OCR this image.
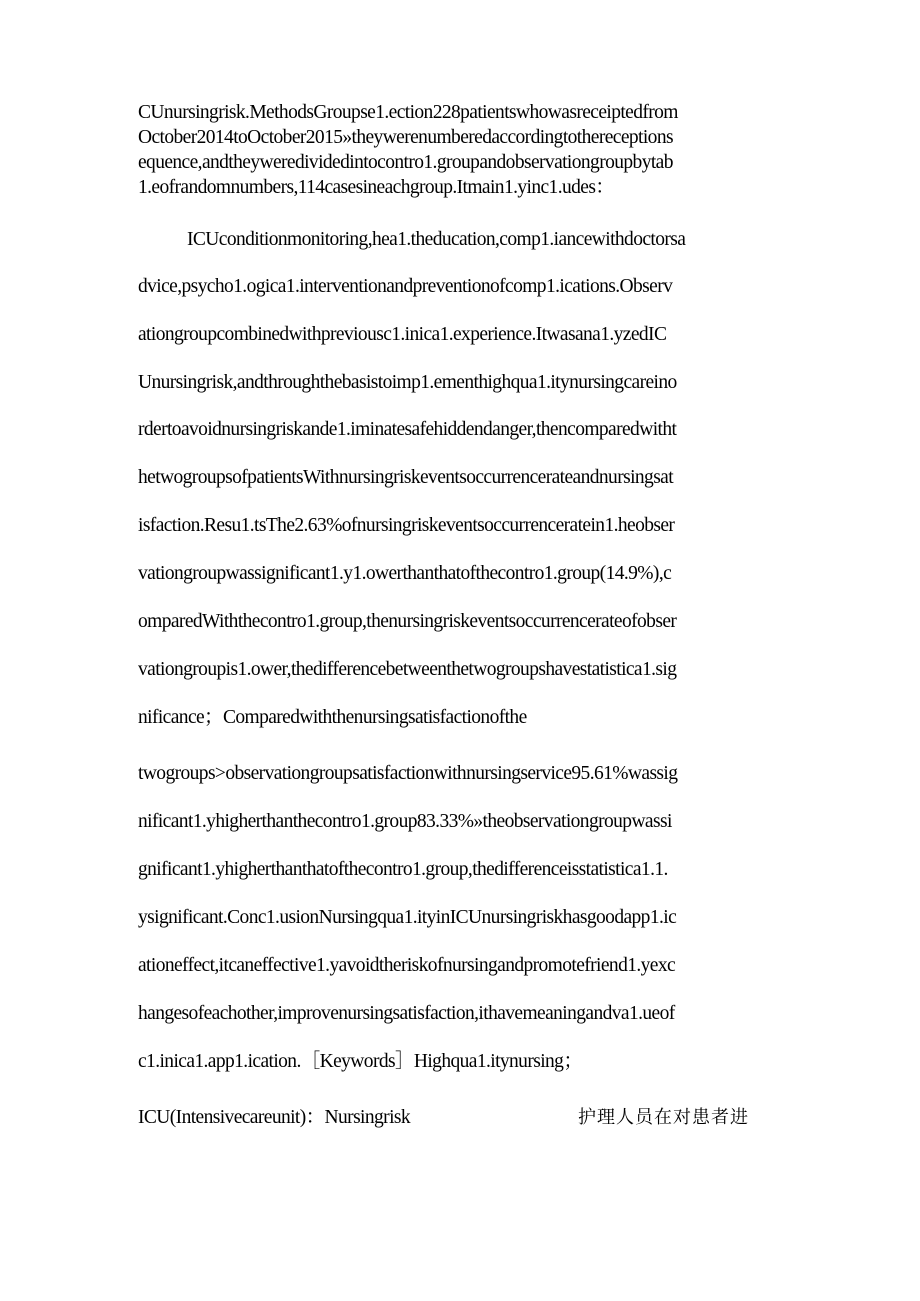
CUnursingrisk.MethodsGroupse1.ection228patientswhowasreceiptedfrom
October2014toOctober2015»theywerenumberedaccordingtothereceptions
equence,andtheyweredividedintocontro1.groupandobservationgroupbytab
1.eofrandomnumbers,114casesineachgroup.Itmain1.yinc1.udes：
ICUconditionmonitoring,hea1.theducation,comp1.iancewithdoctorsa
dvice,psycho1.ogica1.interventionandpreventionofcomp1.ications.Observ
ationgroupcombinedwithpreviousc1.inica1.experience.Itwasana1.yzedIC
Unursingrisk,andthroughthebasistoimp1.ementhighqua1.itynursingcareino
rdertoavoidnursingriskande1.iminatesafehiddendanger,thencomparedwitht
hetwogroupsofpatientsWithnursingriskeventsoccurrencerateandnursingsat
isfaction.Resu1.tsThe2.63%ofnursingriskeventsoccurrenceratein1.heobser
vationgroupwassignificant1.y1.owerthanthatofthecontro1.group(14.9%),c
omparedWiththecontro1.group,thenursingriskeventsoccurrencerateofobser
vationgroupis1.ower,thedifferencebetweenthetwogroupshavestatistica1.sig
nificance；Comparedwiththenursingsatisfactionofthe
twogroups>observationgroupsatisfactionwithnursingservice95.61%wassig
nificant1.yhigherthanthecontro1.group83.33%»theobservationgroupwassi
gnificant1.yhigherthanthatofthecontro1.group,thedifferenceisstatistica1.1.
ysignificant.Conc1.usionNursingqua1.ityinICUnursingriskhasgoodapp1.ic
ationeffect,itcaneffective1.yavoidtheriskofnursingandpromotefriend1.yexc
hangesofeachother,improvenursingsatisfaction,ithavemeaningandva1.ueof
c1.inica1.app1.ication.［Keywords］Highqua1.itynursing；
ICU(Intensivecareunit)：Nursingrisk	护理人员在对患者进
